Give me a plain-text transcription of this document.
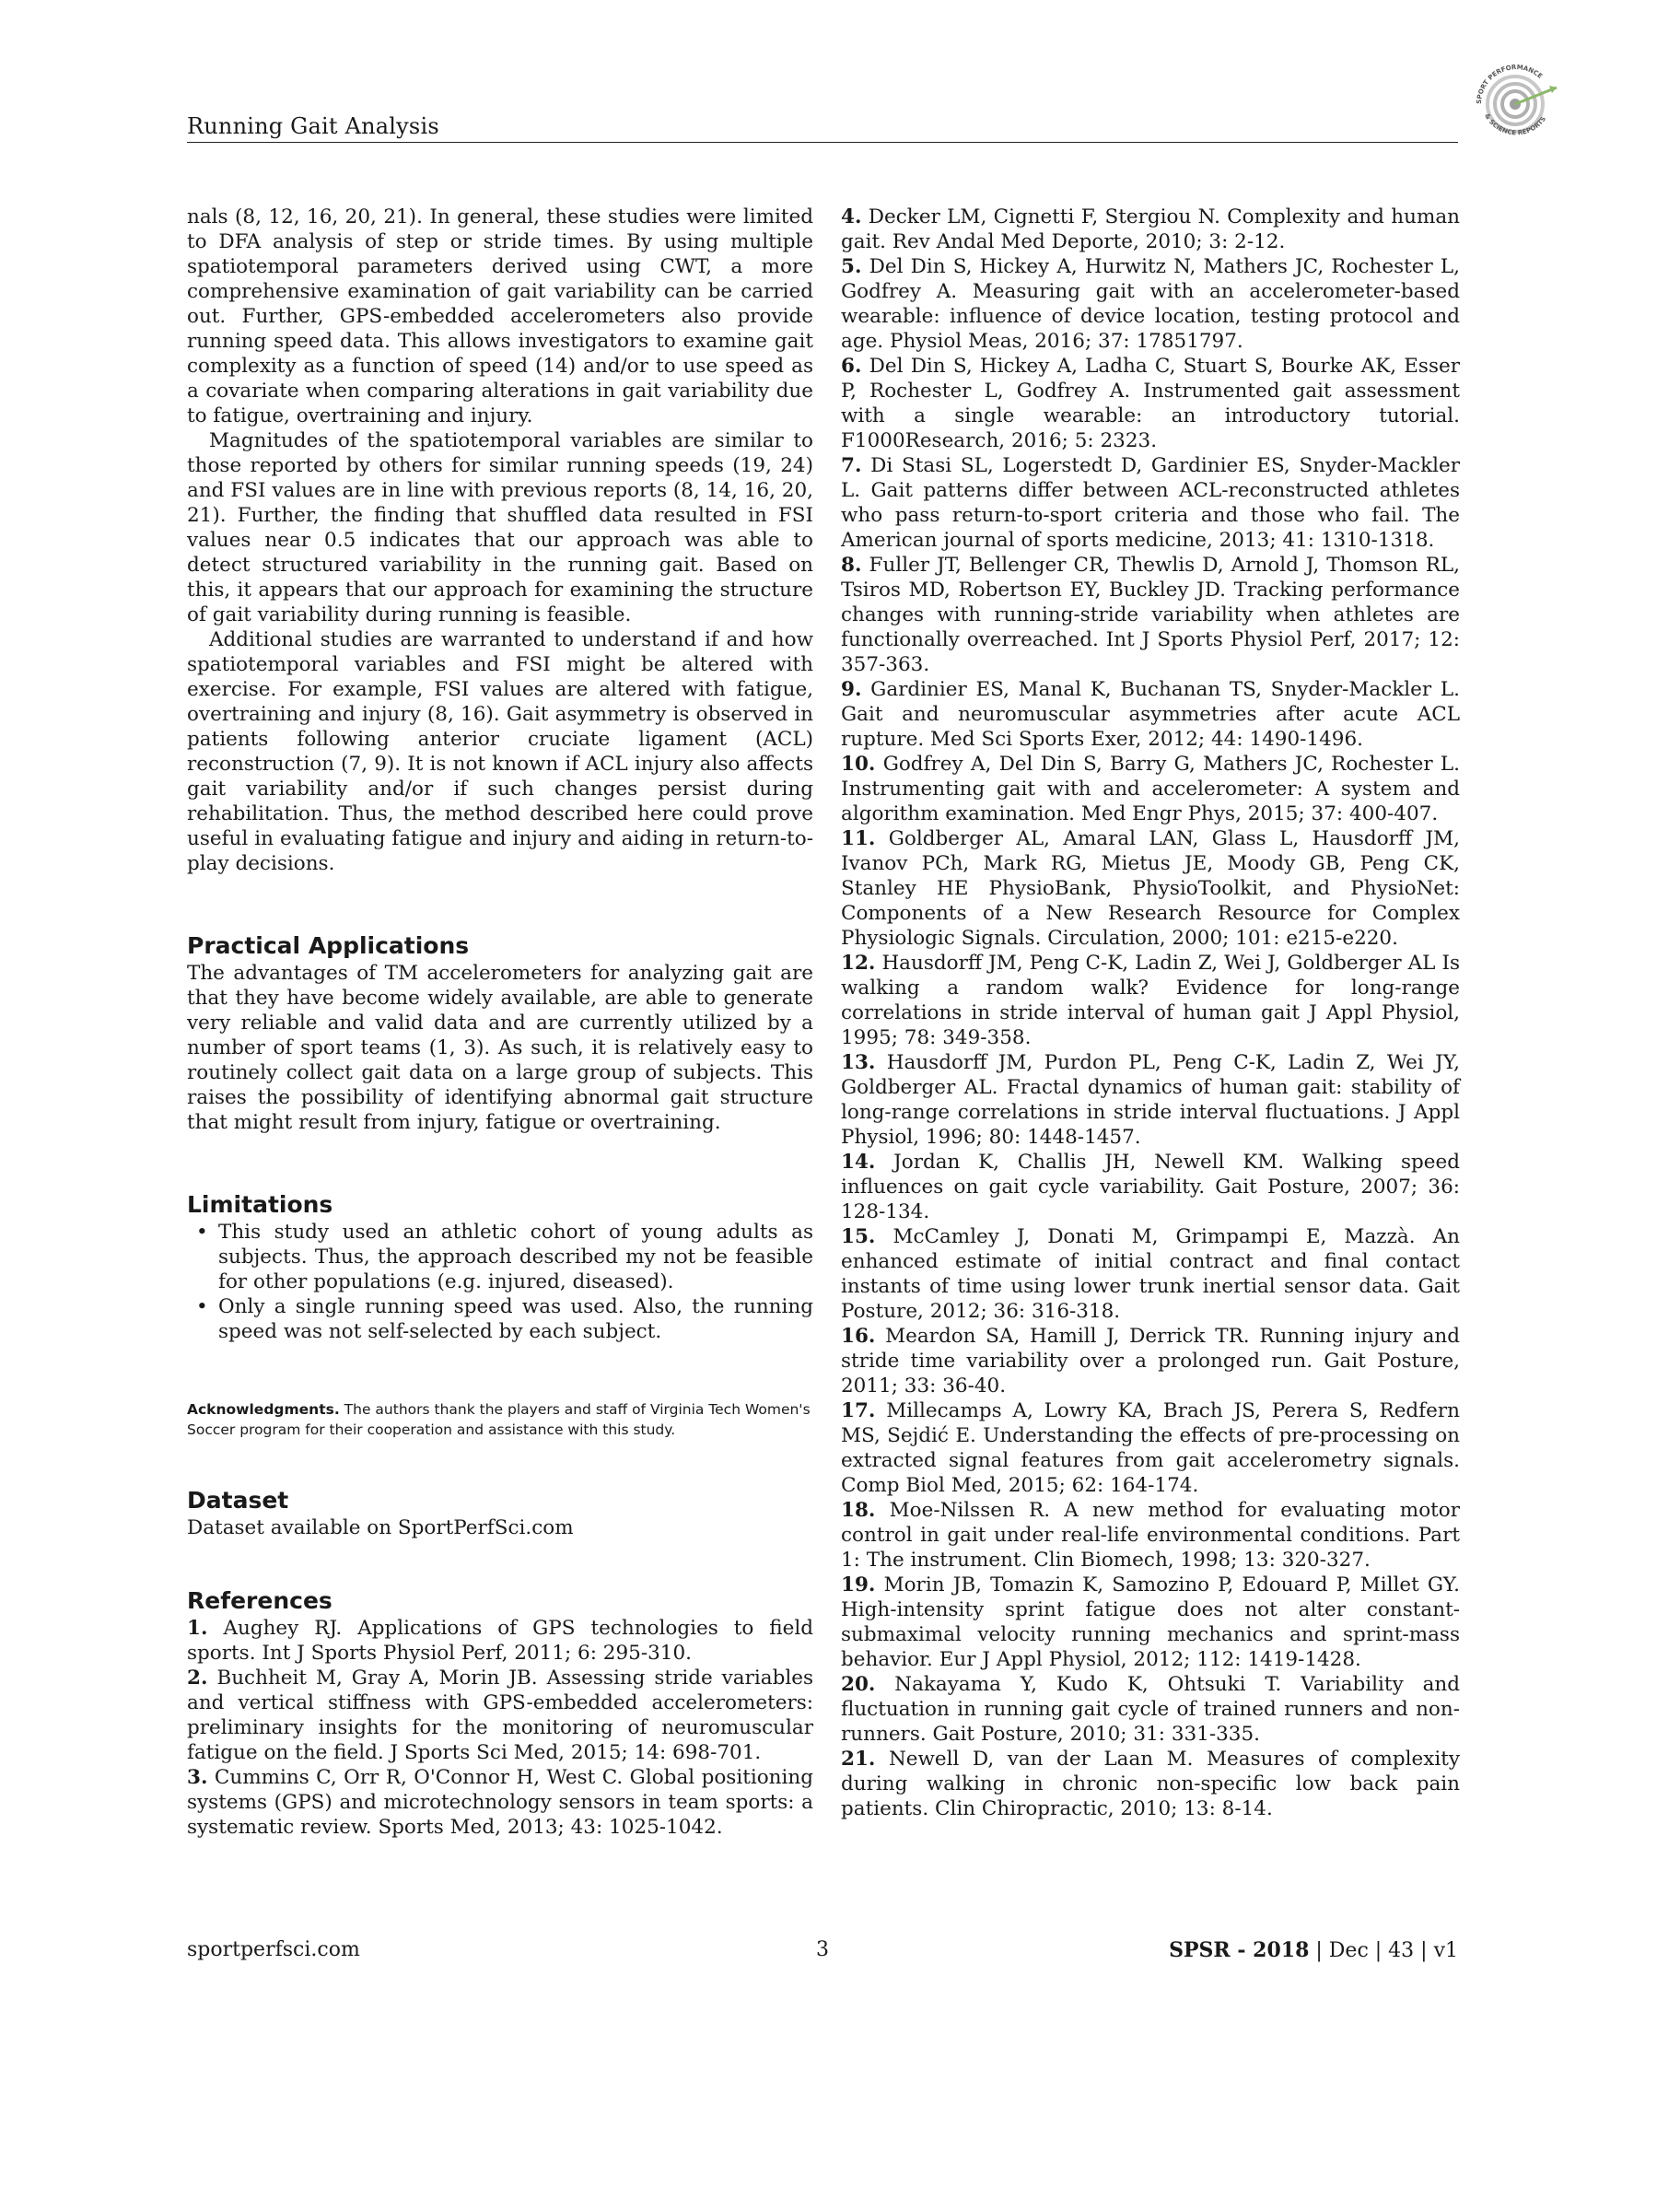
Running Gait Analysis
SPORT PERFORMANCE
& SCIENCE REPORTS

nals (8, 12, 16, 20, 21). In general, these studies were limited to DFA analysis of step or stride times. By using multiple spatiotemporal parameters derived using CWT, a more comprehensive examination of gait variability can be carried out. Further, GPS-embedded accelerometers also provide running speed data. This allows investigators to examine gait complexity as a function of speed (14) and/or to use speed as a covariate when comparing alterations in gait variability due to fatigue, overtraining and injury.

Magnitudes of the spatiotemporal variables are similar to those reported by others for similar running speeds (19, 24) and FSI values are in line with previous reports (8, 14, 16, 20, 21). Further, the finding that shuffled data resulted in FSI values near 0.5 indicates that our approach was able to detect structured variability in the running gait. Based on this, it appears that our approach for examining the structure of gait variability during running is feasible.

Additional studies are warranted to understand if and how spatiotemporal variables and FSI might be altered with exercise. For example, FSI values are altered with fatigue, overtraining and injury (8, 16). Gait asymmetry is observed in patients following anterior cruciate ligament (ACL) reconstruction (7, 9). It is not known if ACL injury also affects gait variability and/or if such changes persist during rehabilitation. Thus, the method described here could prove useful in evaluating fatigue and injury and aiding in return-to-play decisions.

Practical Applications

The advantages of TM accelerometers for analyzing gait are that they have become widely available, are able to generate very reliable and valid data and are currently utilized by a number of sport teams (1, 3). As such, it is relatively easy to routinely collect gait data on a large group of subjects. This raises the possibility of identifying abnormal gait structure that might result from injury, fatigue or overtraining.

Limitations
• This study used an athletic cohort of young adults as subjects. Thus, the approach described my not be feasible for other populations (e.g. injured, diseased).
• Only a single running speed was used. Also, the running speed was not self-selected by each subject.

Acknowledgments. The authors thank the players and staff of Virginia Tech Women's Soccer program for their cooperation and assistance with this study.

Dataset

Dataset available on SportPerfSci.com

References

1. Aughey RJ. Applications of GPS technologies to field sports. Int J Sports Physiol Perf, 2011; 6: 295-310.

2. Buchheit M, Gray A, Morin JB. Assessing stride variables and vertical stiffness with GPS-embedded accelerometers: preliminary insights for the monitoring of neuromuscular fatigue on the field. J Sports Sci Med, 2015; 14: 698-701.

3. Cummins C, Orr R, O'Connor H, West C. Global positioning systems (GPS) and microtechnology sensors in team sports: a systematic review. Sports Med, 2013; 43: 1025-1042.

4. Decker LM, Cignetti F, Stergiou N. Complexity and human gait. Rev Andal Med Deporte, 2010; 3: 2-12.

5. Del Din S, Hickey A, Hurwitz N, Mathers JC, Rochester L, Godfrey A. Measuring gait with an accelerometer-based wearable: influence of device location, testing protocol and age. Physiol Meas, 2016; 37: 17851797.

6. Del Din S, Hickey A, Ladha C, Stuart S, Bourke AK, Esser P, Rochester L, Godfrey A. Instrumented gait assessment with a single wearable: an introductory tutorial. F1000Research, 2016; 5: 2323.

7. Di Stasi SL, Logerstedt D, Gardinier ES, Snyder-Mackler L. Gait patterns differ between ACL-reconstructed athletes who pass return-to-sport criteria and those who fail. The American journal of sports medicine, 2013; 41: 1310-1318.

8. Fuller JT, Bellenger CR, Thewlis D, Arnold J, Thomson RL, Tsiros MD, Robertson EY, Buckley JD. Tracking performance changes with running-stride variability when athletes are functionally overreached. Int J Sports Physiol Perf, 2017; 12: 357-363.

9. Gardinier ES, Manal K, Buchanan TS, Snyder-Mackler L. Gait and neuromuscular asymmetries after acute ACL rupture. Med Sci Sports Exer, 2012; 44: 1490-1496.

10. Godfrey A, Del Din S, Barry G, Mathers JC, Rochester L. Instrumenting gait with and accelerometer: A system and algorithm examination. Med Engr Phys, 2015; 37: 400-407.

11. Goldberger AL, Amaral LAN, Glass L, Hausdorff JM, Ivanov PCh, Mark RG, Mietus JE, Moody GB, Peng CK, Stanley HE PhysioBank, PhysioToolkit, and PhysioNet: Components of a New Research Resource for Complex Physiologic Signals. Circulation, 2000; 101: e215-e220.

12. Hausdorff JM, Peng C-K, Ladin Z, Wei J, Goldberger AL Is walking a random walk? Evidence for long-range correlations in stride interval of human gait J Appl Physiol, 1995; 78: 349-358.

13. Hausdorff JM, Purdon PL, Peng C-K, Ladin Z, Wei JY, Goldberger AL. Fractal dynamics of human gait: stability of long-range correlations in stride interval fluctuations. J Appl Physiol, 1996; 80: 1448-1457.

14. Jordan K, Challis JH, Newell KM. Walking speed influences on gait cycle variability. Gait Posture, 2007; 36: 128-134.

15. McCamley J, Donati M, Grimpampi E, Mazzà. An enhanced estimate of initial contract and final contact instants of time using lower trunk inertial sensor data. Gait Posture, 2012; 36: 316-318.

16. Meardon SA, Hamill J, Derrick TR. Running injury and stride time variability over a prolonged run. Gait Posture, 2011; 33: 36-40.

17. Millecamps A, Lowry KA, Brach JS, Perera S, Redfern MS, Sejdić E. Understanding the effects of pre-processing on extracted signal features from gait accelerometry signals. Comp Biol Med, 2015; 62: 164-174.

18. Moe-Nilssen R. A new method for evaluating motor control in gait under real-life environmental conditions. Part 1: The instrument. Clin Biomech, 1998; 13: 320-327.

19. Morin JB, Tomazin K, Samozino P, Edouard P, Millet GY. High-intensity sprint fatigue does not alter constant-submaximal velocity running mechanics and sprint-mass behavior. Eur J Appl Physiol, 2012; 112: 1419-1428.

20. Nakayama Y, Kudo K, Ohtsuki T. Variability and fluctuation in running gait cycle of trained runners and non-runners. Gait Posture, 2010; 31: 331-335.

21. Newell D, van der Laan M. Measures of complexity during walking in chronic non-specific low back pain patients. Clin Chiropractic, 2010; 13: 8-14.

sportperfsci.com	3	SPSR - 2018 | Dec | 43 | v1
